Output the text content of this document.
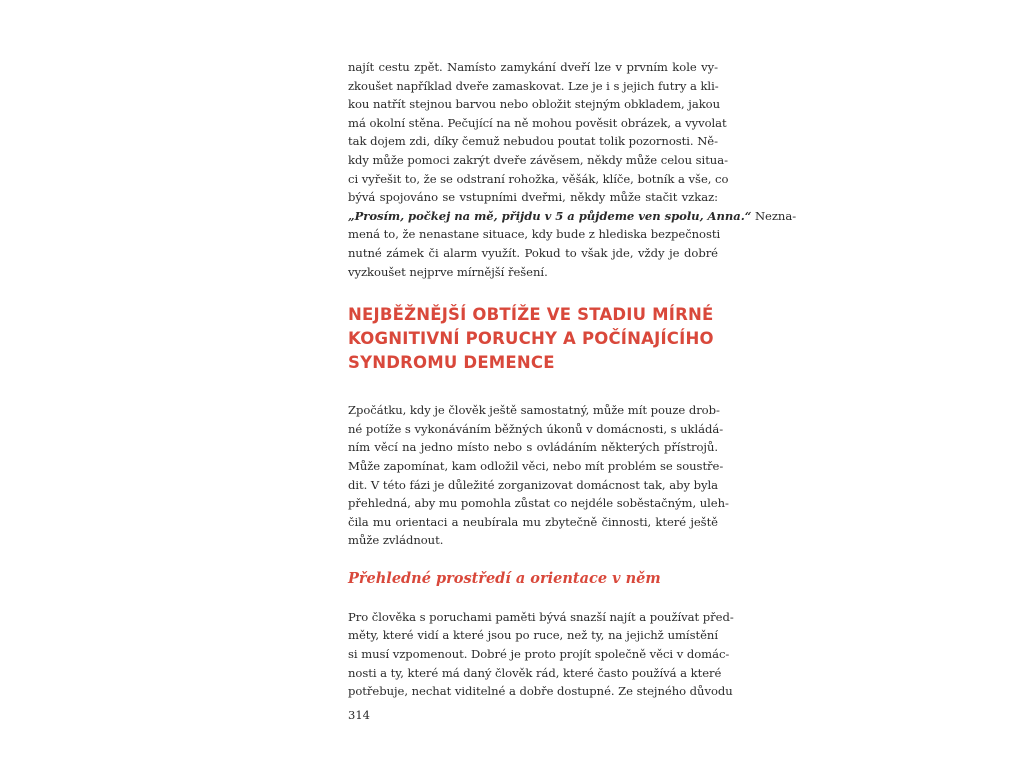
najít cestu zpět. Namísto zamykání dveří lze v prvním kole vy-
zkoušet například dveře zamaskovat. Lze je i s jejich futry a kli-
kou natřít stejnou barvou nebo obložit stejným obkladem, jakou
má okolní stěna. Pečující na ně mohou pověsit obrázek, a vyvolat
tak dojem zdi, díky čemuž nebudou poutat tolik pozornosti. Ně-
kdy může pomoci zakrýt dveře závěsem, někdy může celou situa-
ci vyřešit to, že se odstraní rohožka, věšák, klíče, botník a vše, co
bývá spojováno se vstupními dveřmi, někdy může stačit vzkaz:
„Prosím, počkej na mě, přijdu v 5 a půjdeme ven spolu, Anna.“ Nezna-
mená to, že nenastane situace, kdy bude z hlediska bezpečnosti
nutné zámek či alarm využít. Pokud to však jde, vždy je dobré
vyzkoušet nejprve mírnější řešení.

NEJBĚŽNĚJŠÍ OBTÍŽE VE STADIU MÍRNÉ
KOGNITIVNÍ PORUCHY A POČÍNAJÍCÍHO
SYNDROMU DEMENCE

Zpočátku, kdy je člověk ještě samostatný, může mít pouze drob-
né potíže s vykonáváním běžných úkonů v domácnosti, s ukládá-
ním věcí na jedno místo nebo s ovládáním některých přístrojů.
Může zapomínat, kam odložil věci, nebo mít problém se soustře-
dit. V této fázi je důležité zorganizovat domácnost tak, aby byla
přehledná, aby mu pomohla zůstat co nejdéle soběstačným, uleh-
čila mu orientaci a neubírala mu zbytečně činnosti, které ještě
může zvládnout.

Přehledné prostředí a orientace v něm

Pro člověka s poruchami paměti bývá snazší najít a používat před-
měty, které vidí a které jsou po ruce, než ty, na jejichž umístění
si musí vzpomenout. Dobré je proto projít společně věci v domác-
nosti a ty, které má daný člověk rád, které často používá a které
potřebuje, nechat viditelné a dobře dostupné. Ze stejného důvodu

314
